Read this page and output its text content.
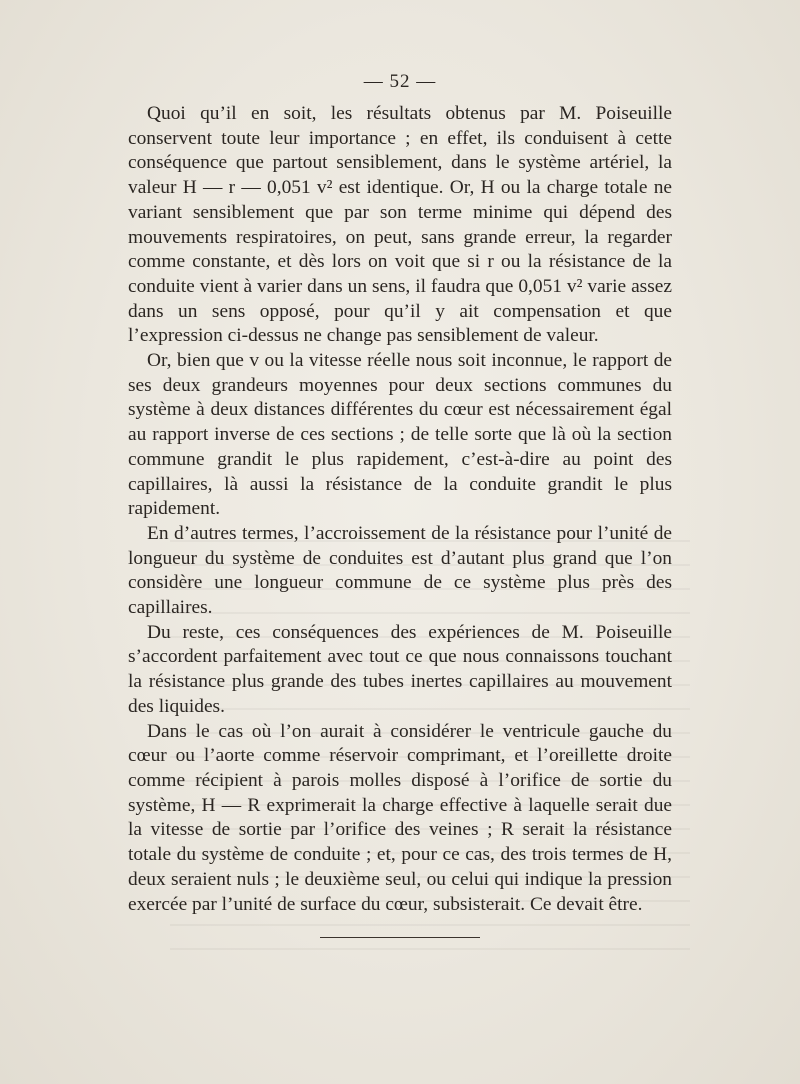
— 52 —

Quoi qu’il en soit, les résultats obtenus par M. Poiseuille conservent toute leur importance ; en effet, ils conduisent à cette conséquence que partout sensiblement, dans le système artériel, la valeur H — r — 0,051 v² est identique. Or, H ou la charge totale ne variant sensiblement que par son terme minime qui dépend des mouvements respiratoires, on peut, sans grande erreur, la regarder comme constante, et dès lors on voit que si r ou la résistance de la conduite vient à varier dans un sens, il faudra que 0,051 v² varie assez dans un sens opposé, pour qu’il y ait compensation et que l’expression ci-dessus ne change pas sensiblement de valeur.

Or, bien que v ou la vitesse réelle nous soit inconnue, le rapport de ses deux grandeurs moyennes pour deux sections communes du système à deux distances différentes du cœur est nécessairement égal au rapport inverse de ces sections ; de telle sorte que là où la section commune grandit le plus rapidement, c’est-à-dire au point des capillaires, là aussi la résistance de la conduite grandit le plus rapidement.

En d’autres termes, l’accroissement de la résistance pour l’unité de longueur du système de conduites est d’autant plus grand que l’on considère une longueur commune de ce système plus près des capillaires.

Du reste, ces conséquences des expériences de M. Poiseuille s’accordent parfaitement avec tout ce que nous connaissons touchant la résistance plus grande des tubes inertes capillaires au mouvement des liquides.

Dans le cas où l’on aurait à considérer le ventricule gauche du cœur ou l’aorte comme réservoir comprimant, et l’oreillette droite comme récipient à parois molles disposé à l’orifice de sortie du système, H — R exprimerait la charge effective à laquelle serait due la vitesse de sortie par l’orifice des veines ; R serait la résistance totale du système de conduite ; et, pour ce cas, des trois termes de H, deux seraient nuls ; le deuxième seul, ou celui qui indique la pression exercée par l’unité de surface du cœur, subsisterait. Ce devait être.
